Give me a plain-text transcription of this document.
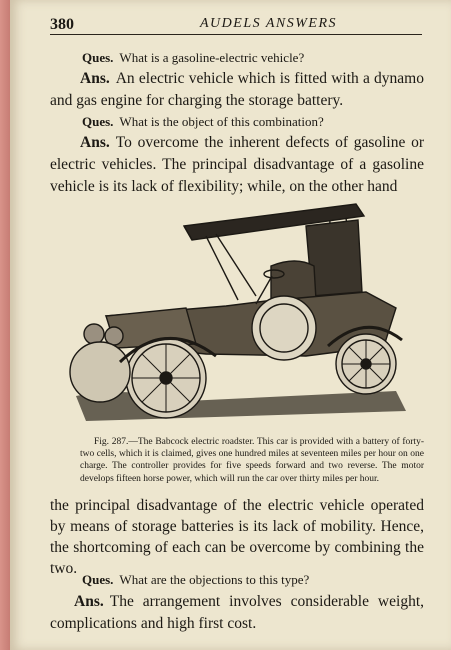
380	AUDELS ANSWERS
Ques. What is a gasoline-electric vehicle?
Ans. An electric vehicle which is fitted with a dynamo and gas engine for charging the storage battery.
Ques. What is the object of this combination?
Ans. To overcome the inherent defects of gasoline or electric vehicles. The principal disadvantage of a gasoline vehicle is its lack of flexibility; while, on the other hand
Fig. 287.—The Babcock electric roadster. This car is provided with a battery of forty-two cells, which it is claimed, gives one hundred miles at seventeen miles per hour on one charge. The controller provides for five speeds forward and two reverse. The motor develops fifteen horse power, which will run the car over thirty miles per hour.
the principal disadvantage of the electric vehicle operated by means of storage batteries is its lack of mobility. Hence, the shortcoming of each can be overcome by combining the two.
Ques. What are the objections to this type?
Ans. The arrangement involves considerable weight, complications and high first cost.
